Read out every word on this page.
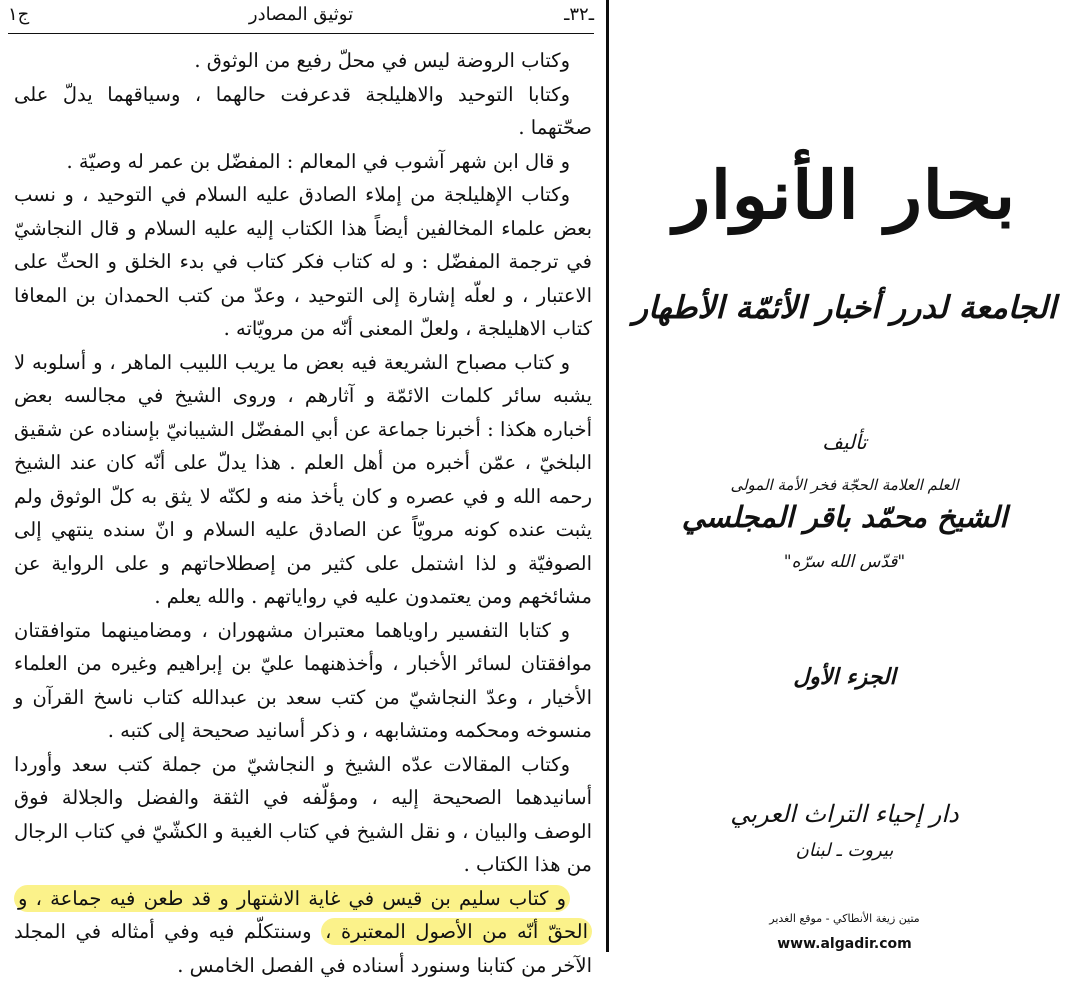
ـ٣٢ـ
توثيق المصادر
ج١

وكتاب الروضة ليس في محلّ رفيع من الوثوق .

وكتابا التوحيد والاهليلجة قدعرفت حالهما ، وسياقهما يدلّ على صحّتهما .

و قال ابن شهر آشوب في المعالم : المفضّل بن عمر له وصيّة .

وكتاب الإهليلجة من إملاء الصادق عليه السلام في التوحيد ، و نسب بعض علماء المخالفين أيضاً هذا الكتاب إليه عليه السلام و قال النجاشيّ في ترجمة المفضّل : و له كتاب فكر كتاب في بدء الخلق و الحثّ على الاعتبار ، و لعلّه إشارة إلى التوحيد ، وعدّ من كتب الحمدان بن المعافا كتاب الاهليلجة ، ولعلّ المعنى أنّه من مرويّاته .

و كتاب مصباح الشريعة فيه بعض ما يريب اللبيب الماهر ، و أسلوبه لا يشبه سائر كلمات الائمّة و آثارهم ، وروى الشيخ في مجالسه بعض أخباره هكذا : أخبرنا جماعة عن أبي المفضّل الشيبانيّ بإسناده عن شقيق البلخيّ ، عمّن أخبره من أهل العلم . هذا يدلّ على أنّه كان عند الشيخ رحمه الله و في عصره و كان يأخذ منه و لكنّه لا يثق به كلّ الوثوق ولم يثبت عنده كونه مرويّاً عن الصادق عليه السلام و انّ سنده ينتهي إلى الصوفيّة و لذا اشتمل على كثير من إصطلاحاتهم و على الرواية عن مشائخهم ومن يعتمدون عليه في رواياتهم . والله يعلم .

و كتابا التفسير راوياهما معتبران مشهوران ، ومضامينهما متوافقتان موافقتان لسائر الأخبار ، وأخذهنهما عليّ بن إبراهيم وغيره من العلماء الأخيار ، وعدّ النجاشيّ من كتب سعد بن عبدالله كتاب ناسخ القرآن و منسوخه ومحكمه ومتشابهه ، و ذكر أسانيد صحيحة إلى كتبه .

وكتاب المقالات عدّه الشيخ و النجاشيّ من جملة كتب سعد وأوردا أسانيدهما الصحيحة إليه ، ومؤلّفه في الثقة والفضل والجلالة فوق الوصف والبيان ، و نقل الشيخ في كتاب الغيبة و الكشّيّ في كتاب الرجال من هذا الكتاب .

و كتاب سليم بن قيس في غاية الاشتهار و قد طعن فيه جماعة ، و الحقّ أنّه من الأصول المعتبرة ، وسنتكلّم فيه وفي أمثاله في المجلد الآخر من كتابنا وسنورد أسناده في الفصل الخامس .

بحار الأنوار
الجامعة لدرر أخبار الأئمّة الأطهار
تأليف
العلم العلامة الحجّة فخر الأمة المولى
الشيخ محمّد باقر المجلسي
"قدّس الله سرّه"
الجزء الأول
دار إحياء التراث العربي
بيروت ـ لبنان
متين زيغة الأنطاكي - موقع الغدير
www.algadir.com
